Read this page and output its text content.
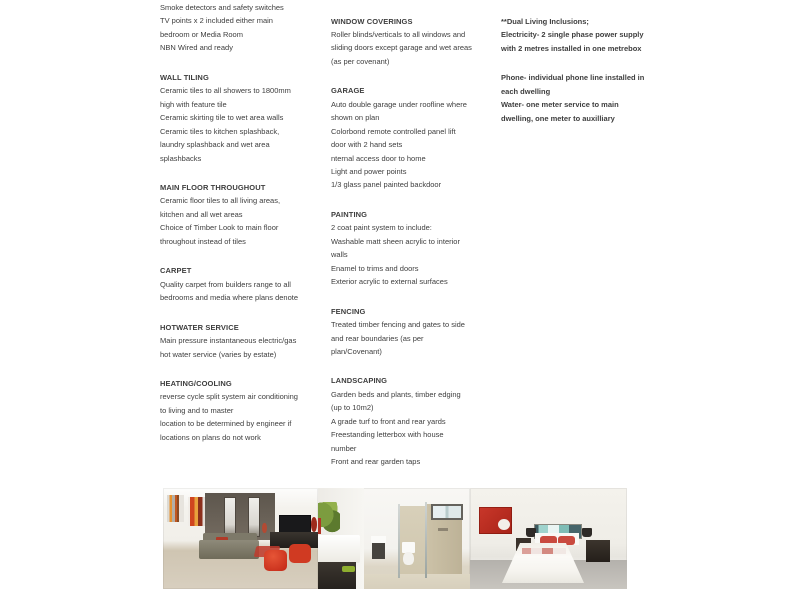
Smoke detectors and safety switches
TV points x 2 included either main
bedroom or Media Room
NBN Wired and ready
WALL TILING
Ceramic tiles to all showers to 1800mm
high with feature tile
Ceramic skirting tile to wet area walls
Ceramic tiles to kitchen splashback,
laundry splashback and wet area
splashbacks
MAIN FLOOR THROUGHOUT
Ceramic floor tiles to all living areas,
kitchen and all wet areas
Choice of Timber Look to main floor
throughout instead of tiles
CARPET
Quality carpet from builders range to all
bedrooms and media where plans denote
HOTWATER SERVICE
Main pressure instantaneous electric/gas
hot water service (varies by estate)
HEATING/COOLING
reverse cycle split system air conditioning
to living and to master
location to be determined by engineer if
locations on plans do not work
WINDOW COVERINGS
Roller blinds/verticals to all windows and
sliding doors except garage and wet areas
(as per covenant)
GARAGE
Auto double garage under roofline where
shown on plan
Colorbond remote controlled panel lift
door with 2 hand sets
nternal access door to home
Light and power points
1/3 glass panel painted backdoor
PAINTING
2 coat paint system to include:
Washable matt sheen acrylic to interior
walls
Enamel to trims and doors
Exterior acrylic to external surfaces
FENCING
Treated timber fencing and gates to side
and rear boundaries (as per
plan/Covenant)
LANDSCAPING
Garden beds and plants, timber edging
(up to 10m2)
A grade turf to front and rear yards
Freestanding letterbox with house
number
Front and rear garden taps
**Dual Living Inclusions;
Electricity- 2 single phase power supply
with 2 metres installed in one metrebox
Phone- individual phone line installed in
each dwelling
Water- one meter service to main
dwelling, one meter to auxilliary
